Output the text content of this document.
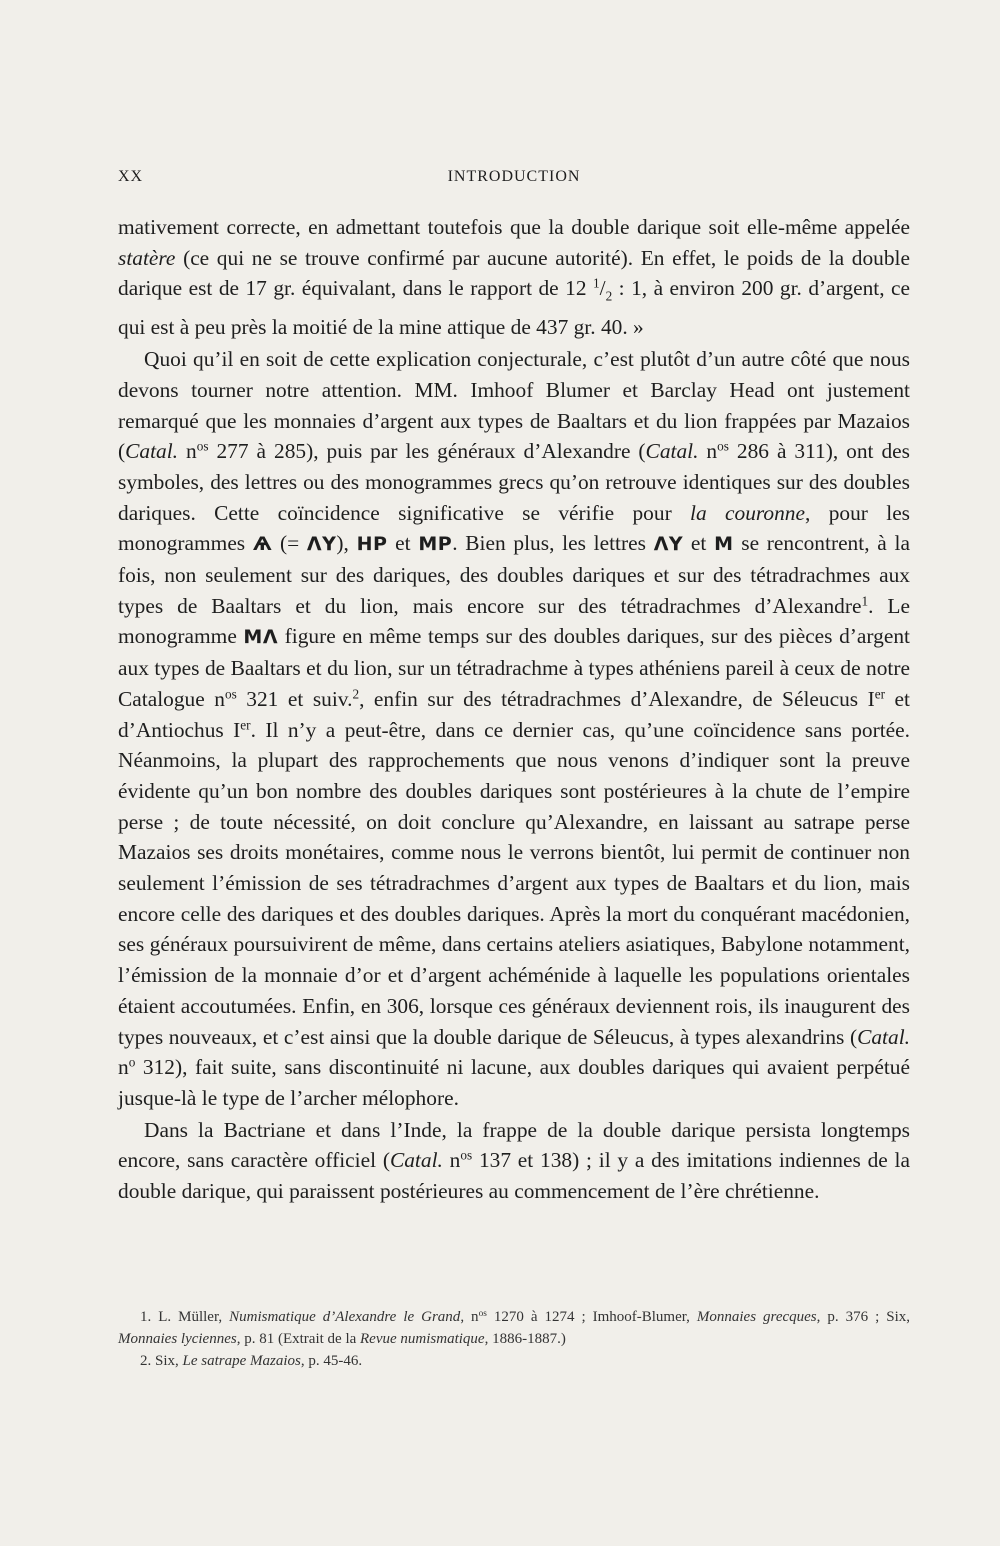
XX	INTRODUCTION

mativement correcte, en admettant toutefois que la double darique soit elle-même appelée statère (ce qui ne se trouve confirmé par aucune autorité). En effet, le poids de la double darique est de 17 gr. équivalant, dans le rapport de 12 $^1/_2$ : 1, à environ 200 gr. d’argent, ce qui est à peu près la moitié de la mine attique de 437 gr. 40. »

Quoi qu’il en soit de cette explication conjecturale, c’est plutôt d’un autre côté que nous devons tourner notre attention. MM. Imhoof Blumer et Barclay Head ont justement remarqué que les monnaies d’argent aux types de Baaltars et du lion frappées par Mazaios (Catal. $n^{os}$ 277 à 285), puis par les généraux d’Alexandre (Catal. $n^{os}$ 286 à 311), ont des symboles, des lettres ou des monogrammes grecs qu’on retrouve identiques sur des doubles dariques. Cette coïncidence significative se vérifie pour la couronne, pour les monogrammes Ѧ (= ΛΥ), ΗΡ et ΜΡ. Bien plus, les lettres ΛΥ et M se rencontrent, à la fois, non seulement sur des dariques, des doubles dariques et sur des tétradrachmes aux types de Baaltars et du lion, mais encore sur des tétradrachmes d’Alexandre$^1$. Le monogramme ΜΛ figure en même temps sur des doubles dariques, sur des pièces d’argent aux types de Baaltars et du lion, sur un tétradrachme à types athéniens pareil à ceux de notre Catalogue $n^{os}$ 321 et suiv.$^2$, enfin sur des tétradrachmes d’Alexandre, de Séleucus Ier et d’Antiochus Ier. Il n’y a peut-être, dans ce dernier cas, qu’une coïncidence sans portée. Néanmoins, la plupart des rapprochements que nous venons d’indiquer sont la preuve évidente qu’un bon nombre des doubles dariques sont postérieures à la chute de l’empire perse ; de toute nécessité, on doit conclure qu’Alexandre, en laissant au satrape perse Mazaios ses droits monétaires, comme nous le verrons bientôt, lui permit de continuer non seulement l’émission de ses tétradrachmes d’argent aux types de Baaltars et du lion, mais encore celle des dariques et des doubles dariques. Après la mort du conquérant macédonien, ses généraux poursuivirent de même, dans certains ateliers asiatiques, Babylone notamment, l’émission de la monnaie d’or et d’argent achéménide à laquelle les populations orientales étaient accoutumées. Enfin, en 306, lorsque ces généraux deviennent rois, ils inaugurent des types nouveaux, et c’est ainsi que la double darique de Séleucus, à types alexandrins (Catal. $n^o$ 312), fait suite, sans discontinuité ni lacune, aux doubles dariques qui avaient perpétué jusque-là le type de l’archer mélophore.

Dans la Bactriane et dans l’Inde, la frappe de la double darique persista longtemps encore, sans caractère officiel (Catal. $n^{os}$ 137 et 138) ; il y a des imitations indiennes de la double darique, qui paraissent postérieures au commencement de l’ère chrétienne.

1. L. Müller, Numismatique d’Alexandre le Grand, $n^{os}$ 1270 à 1274 ; Imhoof-Blumer, Monnaies grecques, p. 376 ; Six, Monnaies lyciennes, p. 81 (Extrait de la Revue numismatique, 1886-1887.)

2. Six, Le satrape Mazaios, p. 45-46.
